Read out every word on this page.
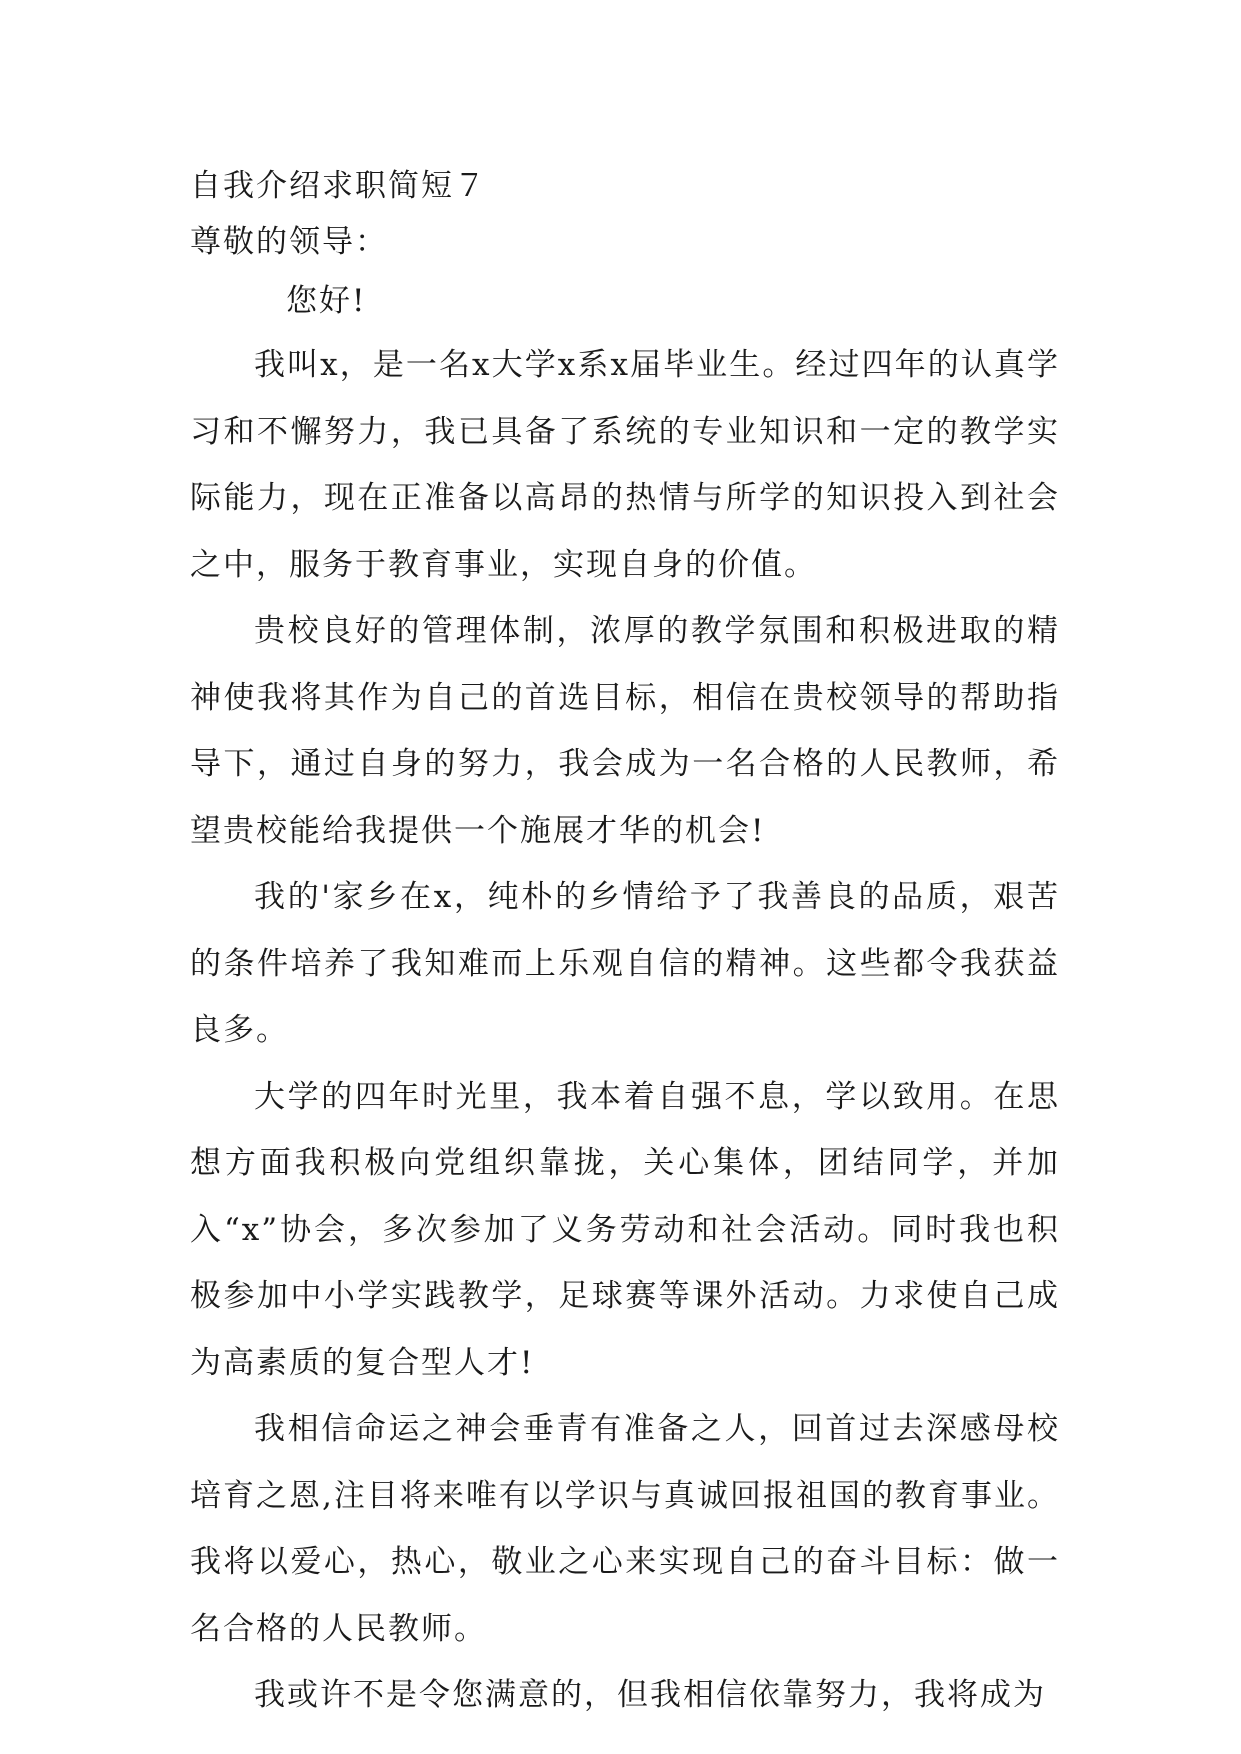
自我介绍求职简短７

尊敬的领导：

您好!

我叫x，是一名x大学x系x届毕业生。经过四年的认真学习和不懈努力，我已具备了系统的专业知识和一定的教学实际能力，现在正准备以高昂的热情与所学的知识投入到社会之中，服务于教育事业，实现自身的价值。

贵校良好的管理体制，浓厚的教学氛围和积极进取的精神使我将其作为自己的首选目标，相信在贵校领导的帮助指导下，通过自身的努力，我会成为一名合格的人民教师，希望贵校能给我提供一个施展才华的机会!

我的'家乡在x，纯朴的乡情给予了我善良的品质，艰苦的条件培养了我知难而上乐观自信的精神。这些都令我获益良多。

大学的四年时光里，我本着自强不息，学以致用。在思想方面我积极向党组织靠拢，关心集体，团结同学，并加入“x”协会，多次参加了义务劳动和社会活动。同时我也积极参加中小学实践教学，足球赛等课外活动。力求使自己成为高素质的复合型人才!

我相信命运之神会垂青有准备之人，回首过去深感母校培育之恩,注目将来唯有以学识与真诚回报祖国的教育事业。我将以爱心，热心，敬业之心来实现自己的奋斗目标：做一名合格的人民教师。

我或许不是令您满意的，但我相信依靠努力，我将成为
